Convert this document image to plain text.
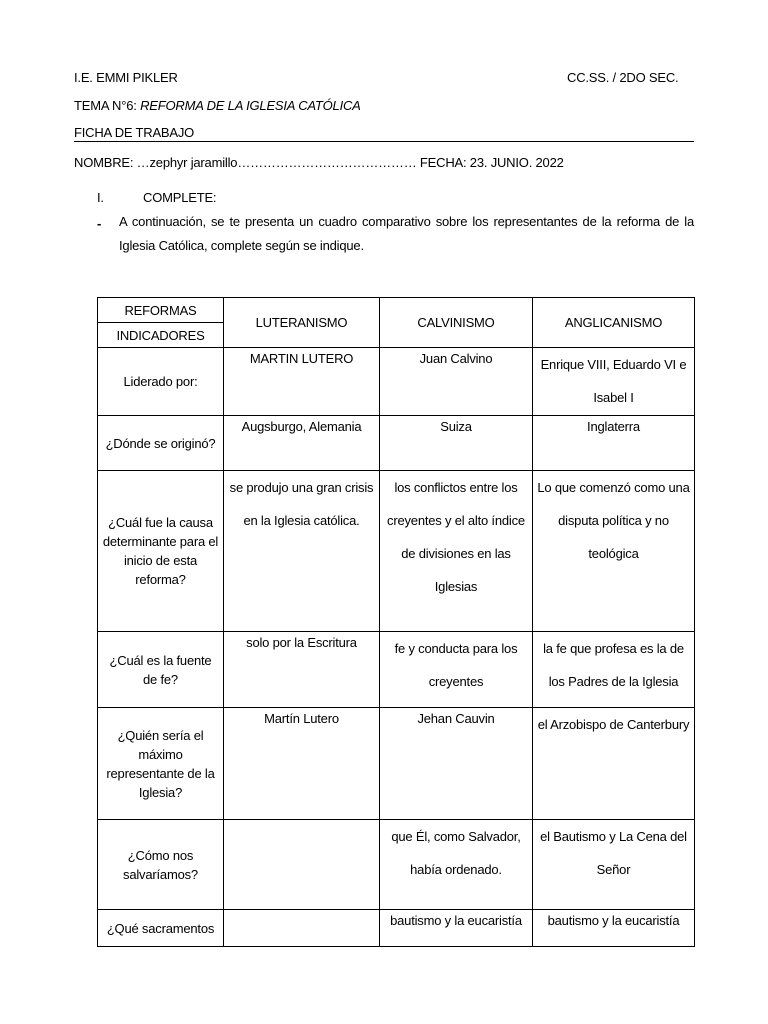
I.E. EMMI PIKLER	CC.SS. / 2DO SEC.
TEMA N°6: REFORMA DE LA IGLESIA CATÓLICA
FICHA DE TRABAJO
NOMBRE: …zephyr jaramillo…………………………………… FECHA: 23. JUNIO. 2022
I.	COMPLETE:
- A continuación, se te presenta un cuadro comparativo sobre los representantes de la reforma de la Iglesia Católica, complete según se indique.
REFORMAS	LUTERANISMO	CALVINISMO	ANGLICANISMO
INDICADORES			
Liderado por:	MARTIN LUTERO	Juan Calvino	Enrique VIII, Eduardo VI e Isabel I
¿Dónde se originó?	Augsburgo, Alemania	Suiza	Inglaterra
¿Cuál fue la causa determinante para el inicio de esta reforma?	se produjo una gran crisis en la Iglesia católica.	los conflictos entre los creyentes y el alto índice de divisiones en las Iglesias	Lo que comenzó como una disputa política y no teológica
¿Cuál es la fuente de fe?	solo por la Escritura	fe y conducta para los creyentes	la fe que profesa es la de los Padres de la Iglesia
¿Quién sería el máximo representante de la Iglesia?	Martín Lutero	Jehan Cauvin	el Arzobispo de Canterbury
¿Cómo nos salvaríamos?		que Él, como Salvador, había ordenado.	el Bautismo y La Cena del Señor
¿Qué sacramentos		bautismo y la eucaristía	bautismo y la eucaristía
